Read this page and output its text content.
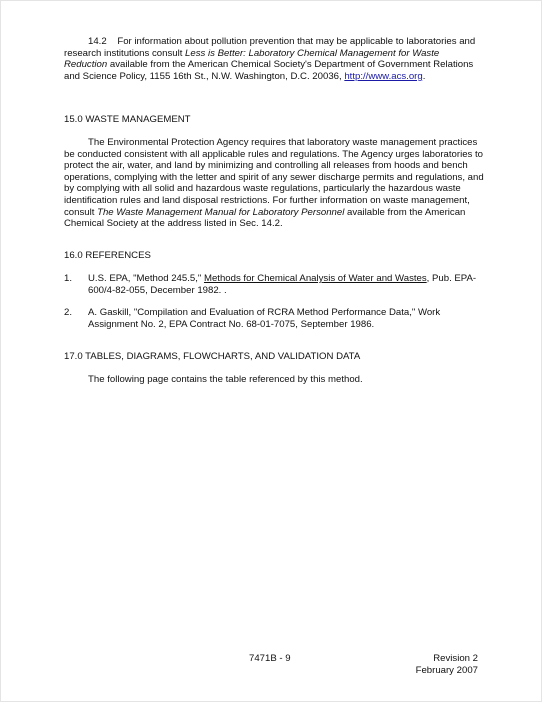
14.2 For information about pollution prevention that may be applicable to laboratories and research institutions consult Less is Better: Laboratory Chemical Management for Waste Reduction available from the American Chemical Society's Department of Government Relations and Science Policy, 1155 16th St., N.W. Washington, D.C. 20036, http://www.acs.org.

15.0 WASTE MANAGEMENT

The Environmental Protection Agency requires that laboratory waste management practices be conducted consistent with all applicable rules and regulations. The Agency urges laboratories to protect the air, water, and land by minimizing and controlling all releases from hoods and bench operations, complying with the letter and spirit of any sewer discharge permits and regulations, and by complying with all solid and hazardous waste regulations, particularly the hazardous waste identification rules and land disposal restrictions. For further information on waste management, consult The Waste Management Manual for Laboratory Personnel available from the American Chemical Society at the address listed in Sec. 14.2.

16.0 REFERENCES
1. U.S. EPA, "Method 245.5," Methods for Chemical Analysis of Water and Wastes, Pub. EPA-600/4-82-055, December 1982. .
2. A. Gaskill, "Compilation and Evaluation of RCRA Method Performance Data," Work Assignment No. 2, EPA Contract No. 68-01-7075, September 1986.
17.0 TABLES, DIAGRAMS, FLOWCHARTS, AND VALIDATION DATA

The following page contains the table referenced by this method.

7471B - 9	Revision 2
February 2007
